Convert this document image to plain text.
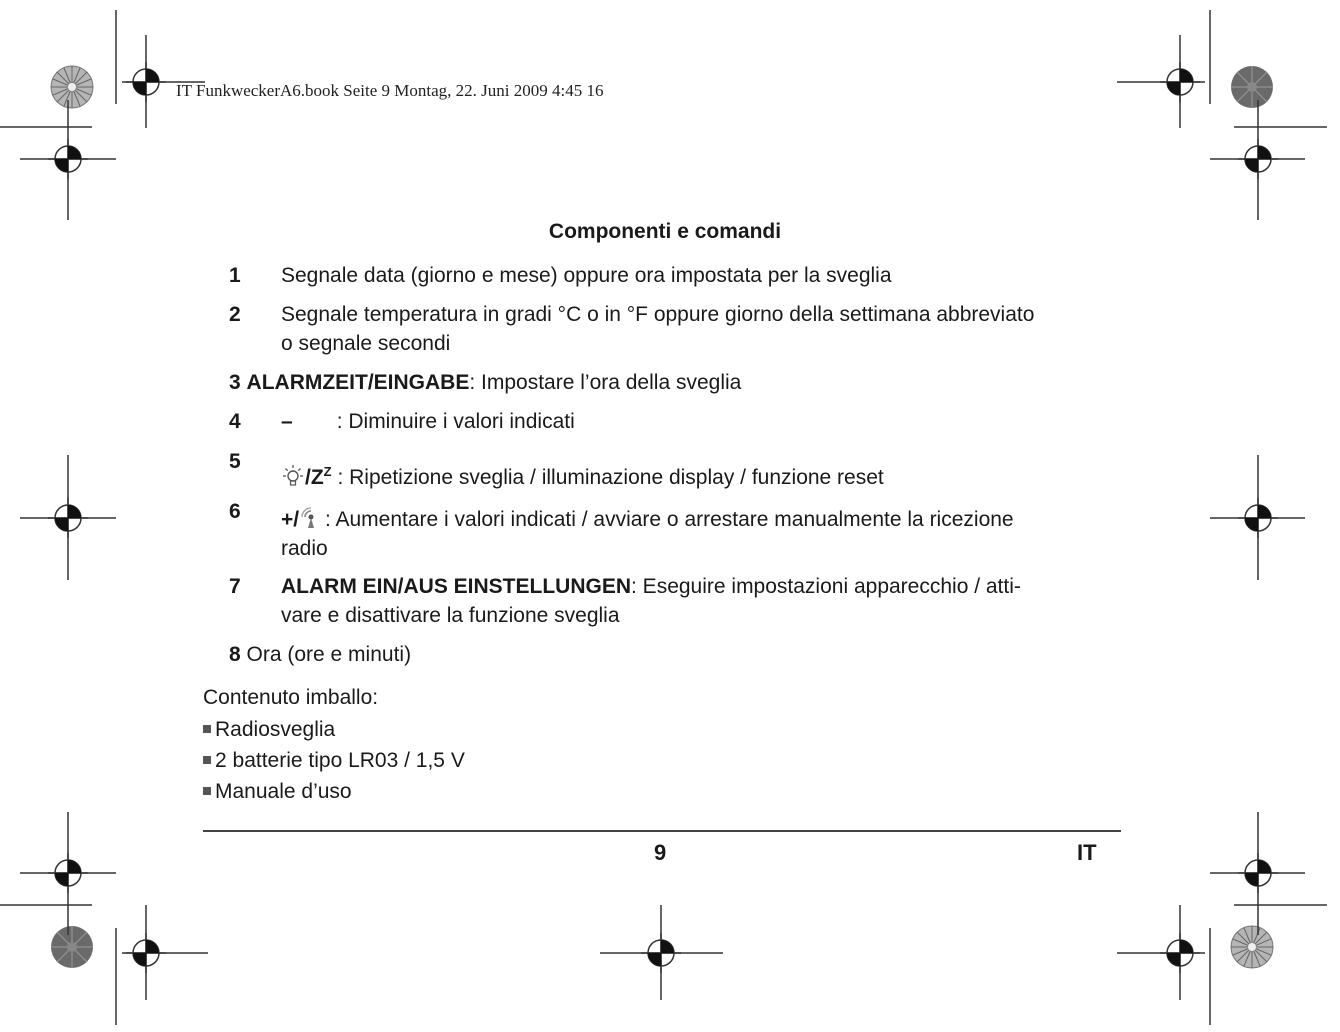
IT FunkweckerA6.book Seite 9 Montag, 22. Juni 2009 4:45 16
Componenti e comandi
1 Segnale data (giorno e mese) oppure ora impostata per la sveglia
2 Segnale temperatura in gradi °C o in °F oppure giorno della settimana abbreviato
o segnale secondi
3 ALARMZEIT/EINGABE: Impostare l’ora della sveglia
4 – : Diminuire i valori indicati
5
$/Z^Z$ : Ripetizione sveglia / illuminazione display / funzione reset
6 +/ : Aumentare i valori indicati / avviare o arrestare manualmente la ricezione
radio
7 ALARM EIN/AUS EINSTELLUNGEN: Eseguire impostazioni apparecchio / atti-
vare e disattivare la funzione sveglia
8 Ora (ore e minuti)
Contenuto imballo:
Radiosveglia
2 batterie tipo LR03 / 1,5 V
Manuale d’uso
9	IT
